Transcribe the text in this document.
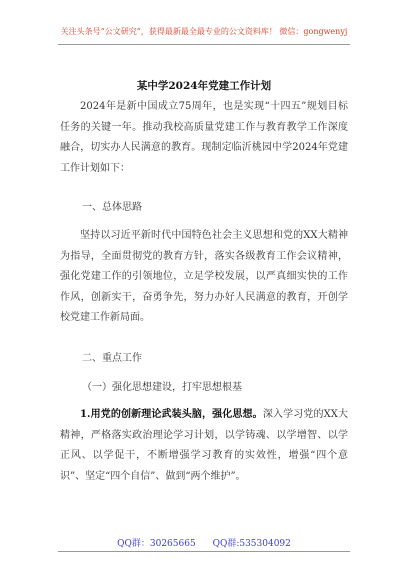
关注头条号“公文研究”，获得最新最全最专业的公文资料库！ 微信：gongwenyj
某中学2024年党建工作计划

2024年是新中国成立75周年，也是实现“十四五”规划目标任务的关键一年。推动我校高质量党建工作与教育教学工作深度融合，切实办人民满意的教育。现制定临沂桃园中学2024年党建工作计划如下：

一、总体思路

坚持以习近平新时代中国特色社会主义思想和党的XX大精神为指导，全面贯彻党的教育方针，落实各级教育工作会议精神，强化党建工作的引领地位，立足学校发展，以严真细实快的工作作风，创新实干，奋勇争先，努力办好人民满意的教育，开创学校党建工作新局面。

二、重点工作
（一）强化思想建设，打牢思想根基

1.用党的创新理论武装头脑，强化思想。深入学习党的XX大精神，严格落实政治理论学习计划，以学铸魂、以学增智、以学正风、以学促干，不断增强学习教育的实效性，增强“四个意识”、坚定“四个自信”、做到“两个维护”。

QQ群：30265665 QQ群:535304092
